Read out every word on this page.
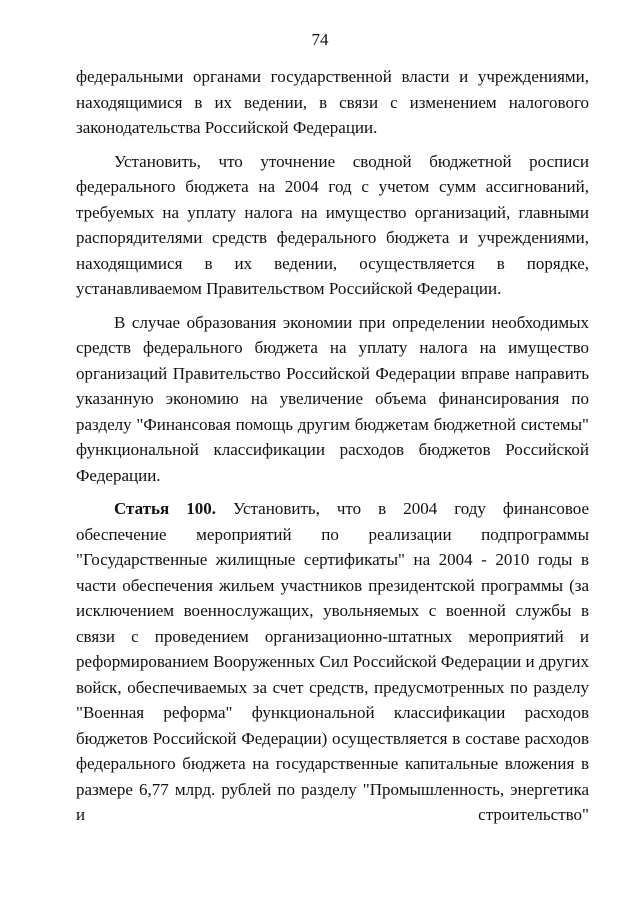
74

федеральными органами государственной власти и учреждениями, находящимися в их ведении, в связи с изменением налогового законодательства Российской Федерации.

Установить, что уточнение сводной бюджетной росписи федерального бюджета на 2004 год с учетом сумм ассигнований, требуемых на уплату налога на имущество организаций, главными распорядителями средств федерального бюджета и учреждениями, находящимися в их ведении, осуществляется в порядке, устанавливаемом Правительством Российской Федерации.

В случае образования экономии при определении необходимых средств федерального бюджета на уплату налога на имущество организаций Правительство Российской Федерации вправе направить указанную экономию на увеличение объема финансирования по разделу "Финансовая помощь другим бюджетам бюджетной системы" функциональной классификации расходов бюджетов Российской Федерации.

Статья 100. Установить, что в 2004 году финансовое обеспечение мероприятий по реализации подпрограммы "Государственные жилищные сертификаты" на 2004 - 2010 годы в части обеспечения жильем участников президентской программы (за исключением военнослужащих, увольняемых с военной службы в связи с проведением организационно-штатных мероприятий и реформированием Вооруженных Сил Российской Федерации и других войск, обеспечиваемых за счет средств, предусмотренных по разделу "Военная реформа" функциональной классификации расходов бюджетов Российской Федерации) осуществляется в составе расходов федерального бюджета на государственные капитальные вложения в размере 6,77 млрд. рублей по разделу "Промышленность, энергетика и строительство"
